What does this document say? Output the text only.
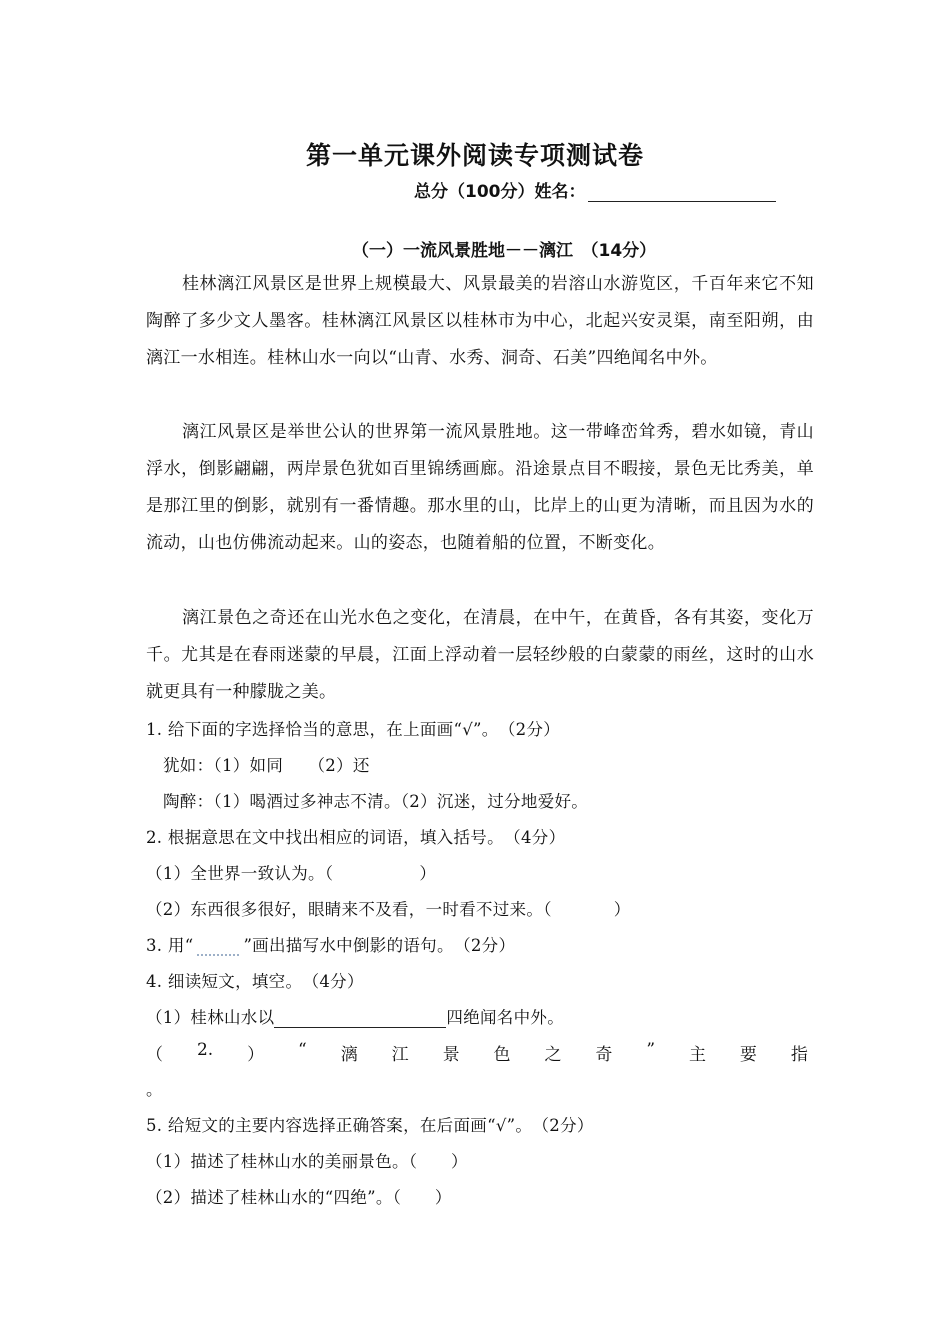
第一单元课外阅读专项测试卷
总分（100分）姓名：
（一）一流风景胜地－－漓江　（14分）
桂林漓江风景区是世界上规模最大、风景最美的岩溶山水游览区，千百年来它不知陶醉了多少文人墨客。桂林漓江风景区以桂林市为中心，北起兴安灵渠，南至阳朔，由漓江一水相连。桂林山水一向以“山青、水秀、洞奇、石美”四绝闻名中外。
漓江风景区是举世公认的世界第一流风景胜地。这一带峰峦耸秀，碧水如镜，青山浮水，倒影翩翩，两岸景色犹如百里锦绣画廊。沿途景点目不暇接，景色无比秀美，单是那江里的倒影，就别有一番情趣。那水里的山，比岸上的山更为清晰，而且因为水的流动，山也仿佛流动起来。山的姿态，也随着船的位置，不断变化。
漓江景色之奇还在山光水色之变化，在清晨，在中午，在黄昏，各有其姿，变化万千。尤其是在春雨迷蒙的早晨，江面上浮动着一层轻纱般的白蒙蒙的雨丝，这时的山水就更具有一种朦胧之美。
1. 给下面的字选择恰当的意思，在上面画“√”。　（2分）
犹如：（1）如同　　（2）还
陶醉：（1）喝酒过多神志不清。（2）沉迷，过分地爱好。
2. 根据意思在文中找出相应的词语，填入括号。　（4分）
（1）全世界一致认为。（	）
（2）东西很多很好，眼睛来不及看，一时看不过来。（	）
3. 用“	”画出描写水中倒影的语句。　（2分）
4. 细读短文，填空。　（4分）
（1）桂林山水以	四绝闻名中外。
（ 2. ） “ 漓 江 景 色 之 奇 ” 主 要 指
。
5. 给短文的主要内容选择正确答案，在后面画“√”。　（2分）
（1）描述了桂林山水的美丽景色。（　　）
（2）描述了桂林山水的“四绝”。（　　）
